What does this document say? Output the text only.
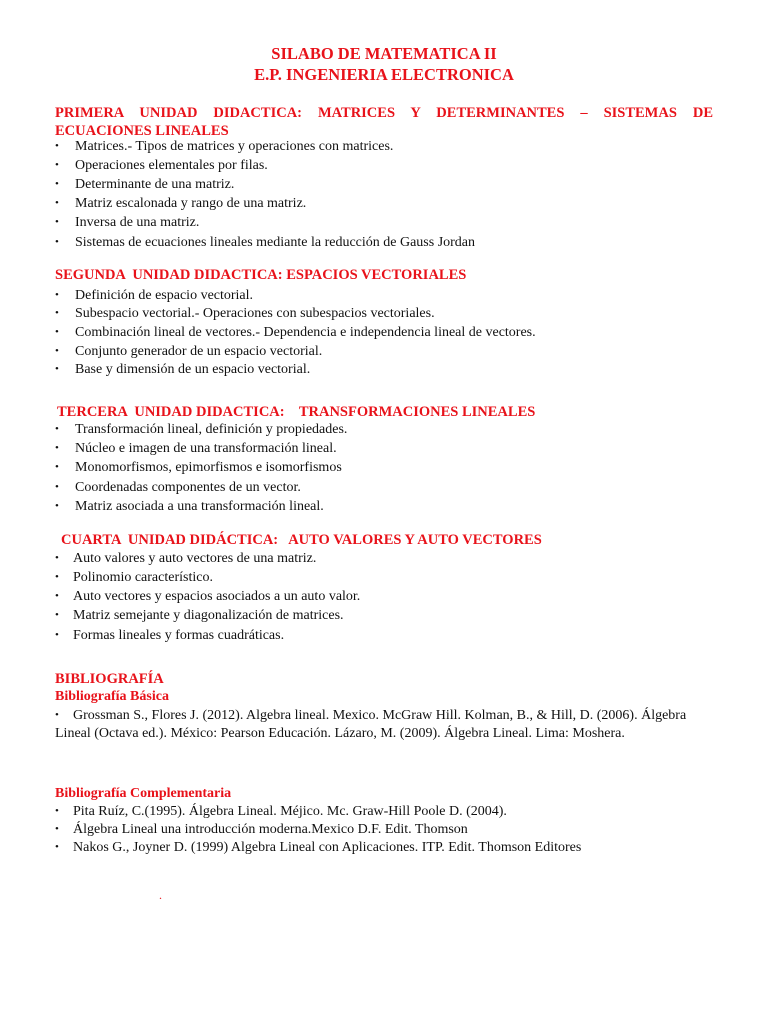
SILABO DE MATEMATICA II
E.P. INGENIERIA ELECTRONICA
PRIMERA UNIDAD DIDACTICA: MATRICES Y DETERMINANTES – SISTEMAS DE ECUACIONES LINEALES
• Matrices.- Tipos de matrices y operaciones con matrices.
• Operaciones elementales por filas.
• Determinante de una matriz.
• Matriz escalonada y rango de una matriz.
• Inversa de una matriz.
• Sistemas de ecuaciones lineales mediante la reducción de Gauss Jordan
SEGUNDA  UNIDAD DIDACTICA: ESPACIOS VECTORIALES
• Definición de espacio vectorial.
• Subespacio vectorial.- Operaciones con subespacios vectoriales.
• Combinación lineal de vectores.- Dependencia e independencia lineal de vectores.
• Conjunto generador de un espacio vectorial.
• Base y dimensión de un espacio vectorial.
TERCERA  UNIDAD DIDACTICA:    TRANSFORMACIONES LINEALES
• Transformación lineal, definición y propiedades.
• Núcleo e imagen de una transformación lineal.
• Monomorfismos, epimorfismos e isomorfismos
• Coordenadas componentes de un vector.
• Matriz asociada a una transformación lineal.
CUARTA  UNIDAD DIDÁCTICA:   AUTO VALORES Y AUTO VECTORES
• Auto valores y auto vectores de una matriz.
• Polinomio característico.
• Auto vectores y espacios asociados a un auto valor.
• Matriz semejante y diagonalización de matrices.
• Formas lineales y formas cuadráticas.
BIBLIOGRAFÍA
Bibliografía Básica
•	Grossman S., Flores J. (2012). Algebra lineal. Mexico. McGraw Hill. Kolman, B., & Hill, D. (2006). Álgebra Lineal (Octava ed.). México: Pearson Educación. Lázaro, M. (2009). Álgebra Lineal. Lima: Moshera.
Bibliografía Complementaria
• Pita Ruíz, C.(1995). Álgebra Lineal. Méjico. Mc. Graw-Hill Poole D. (2004).
• Álgebra Lineal una introducción moderna.Mexico D.F. Edit. Thomson
• Nakos G., Joyner D. (1999) Algebra Lineal con Aplicaciones. ITP. Edit. Thomson Editores
.
